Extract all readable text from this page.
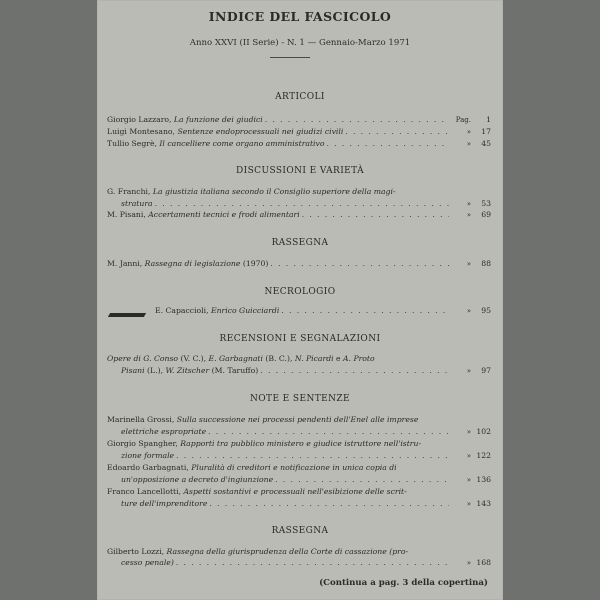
INDICE DEL FASCICOLO
Anno XXVI (II Serie) - N. 1 — Gennaio-Marzo 1971
ARTICOLI
Giorgio Lazzaro, La funzione dei giudici . . .	Pag.	1
Luigi Montesano, Sentenze endoprocessuali nei giudizi civili . . .	»	17
Tullio Segrè, Il cancelliere come organo amministrativo . . .	»	45
DISCUSSIONI E VARIETÀ
G. Franchi, La giustizia italiana secondo il Consiglio superiore della magi-
stratura . . .	»	53
M. Pisani, Accertamenti tecnici e frodi alimentari . . .	»	69
RASSEGNA
M. Janni, Rassegna di legislazione (1970) . . .	»	88
NECROLOGIO
E. Capaccioli, Enrico Guicciardi . . .	»	95
RECENSIONI E SEGNALAZIONI
Opere di G. Conso (V. C.), E. Garbagnati (B. C.), N. Picardi e A. Proto
Pisani (L.), W. Zitscher (M. Taruffo) . . .	»	97
NOTE E SENTENZE
Marinella Grossi, Sulla successione nei processi pendenti dell'Enel alle imprese
elettriche espropriate . . .	» 102
Giorgio Spangher, Rapporti tra pubblico ministero e giudice istruttore nell'istru-
zione formale . . .	» 122
Edoardo Garbagnati, Pluralità di creditori e notificazione in unica copia di
un'opposizione a decreto d'ingiunzione . . .	» 136
Franco Lancellotti, Aspetti sostantivi e processuali nell'esibizione delle scrit-
ture dell'imprenditore . . .	» 143
RASSEGNA
Gilberto Lozzi, Rassegna della giurisprudenza della Corte di cassazione (pro-
cesso penale) . . .	» 168
(Continua a pag. 3 della copertina)
